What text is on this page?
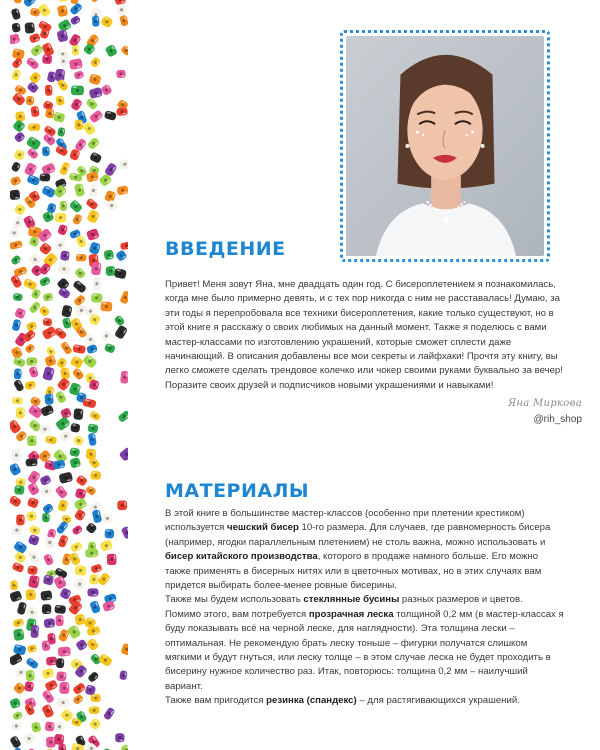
ВВЕДЕНИЕ

Привет! Меня зовут Яна, мне двадцать один год. С бисероплетением я познакомилась, когда мне было примерно девять, и с тех пор никогда с ним не расставалась! Думаю, за эти годы я перепробовала все техники бисероплетения, какие только существуют, но в этой книге я расскажу о своих любимых на данный момент. Также я поделюсь с вами мастер-классами по изготовлению украшений, которые сможет сплести даже начинающий. В описания добавлены все мои секреты и лайфхаки! Прочтя эту книгу, вы легко сможете сделать трендовое колечко или чокер своими руками буквально за вечер! Поразите своих друзей и подписчиков новыми украшениями и навыками!

Яна Миркова
@rih_shop
МАТЕРИАЛЫ

В этой книге в большинстве мастер-классов (особенно при плетении крестиком) используется чешский бисер 10-го размера. Для случаев, где равномерность бисера (например, ягодки параллельным плетением) не столь важна, можно использовать и бисер китайского производства, которого в продаже намного больше. Его можно также применять в бисерных нитях или в цветочных мотивах, но в этих случаях вам придется выбирать более-менее ровные бисерины.

Также мы будем использовать стеклянные бусины разных размеров и цветов.

Помимо этого, вам потребуется прозрачная леска толщиной 0,2 мм (в мастер-классах я буду показывать всё на черной леске, для наглядности). Эта толщина лески – оптимальная. Не рекомендую брать леску тоньше – фигурки получатся слишком мягкими и будут гнуться, или леску толще – в этом случае леска не будет проходить в бисерину нужное количество раз. Итак, повторюсь: толщина 0,2 мм – наилучший вариант.

Также вам пригодится резинка (спандекс) – для растягивающихся украшений.
